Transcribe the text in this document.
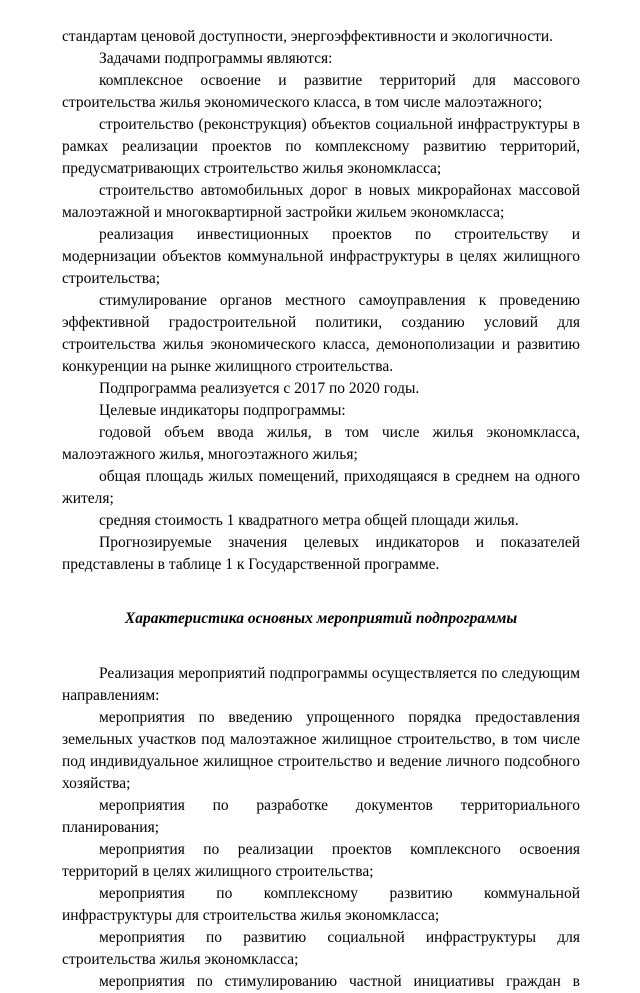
стандартам ценовой доступности, энергоэффективности и экологичности.

Задачами подпрограммы являются:

комплексное освоение и развитие территорий для массового строительства жилья экономического класса, в том числе малоэтажного;

строительство (реконструкция) объектов социальной инфраструктуры в рамках реализации проектов по комплексному развитию территорий, предусматривающих строительство жилья экономкласса;

строительство автомобильных дорог в новых микрорайонах массовой малоэтажной и многоквартирной застройки жильем экономкласса;

реализация инвестиционных проектов по строительству и модернизации объектов коммунальной инфраструктуры в целях жилищного строительства;

стимулирование органов местного самоуправления к проведению эффективной градостроительной политики, созданию условий для строительства жилья экономического класса, демонополизации и развитию конкуренции на рынке жилищного строительства.

Подпрограмма реализуется с 2017 по 2020 годы.

Целевые индикаторы подпрограммы:

годовой объем ввода жилья, в том числе жилья экономкласса, малоэтажного жилья, многоэтажного жилья;

общая площадь жилых помещений, приходящаяся в среднем на одного жителя;

средняя стоимость 1 квадратного метра общей площади жилья.

Прогнозируемые значения целевых индикаторов и показателей представлены в таблице 1 к Государственной программе.

Характеристика основных мероприятий подпрограммы

Реализация мероприятий подпрограммы осуществляется по следующим направлениям:

мероприятия по введению упрощенного порядка предоставления земельных участков под малоэтажное жилищное строительство, в том числе под индивидуальное жилищное строительство и ведение личного подсобного хозяйства;

мероприятия по разработке документов территориального планирования;

мероприятия по реализации проектов комплексного освоения территорий в целях жилищного строительства;

мероприятия по комплексному развитию коммунальной инфраструктуры для строительства жилья экономкласса;

мероприятия по развитию социальной инфраструктуры для строительства жилья экономкласса;

мероприятия по стимулированию частной инициативы граждан в
